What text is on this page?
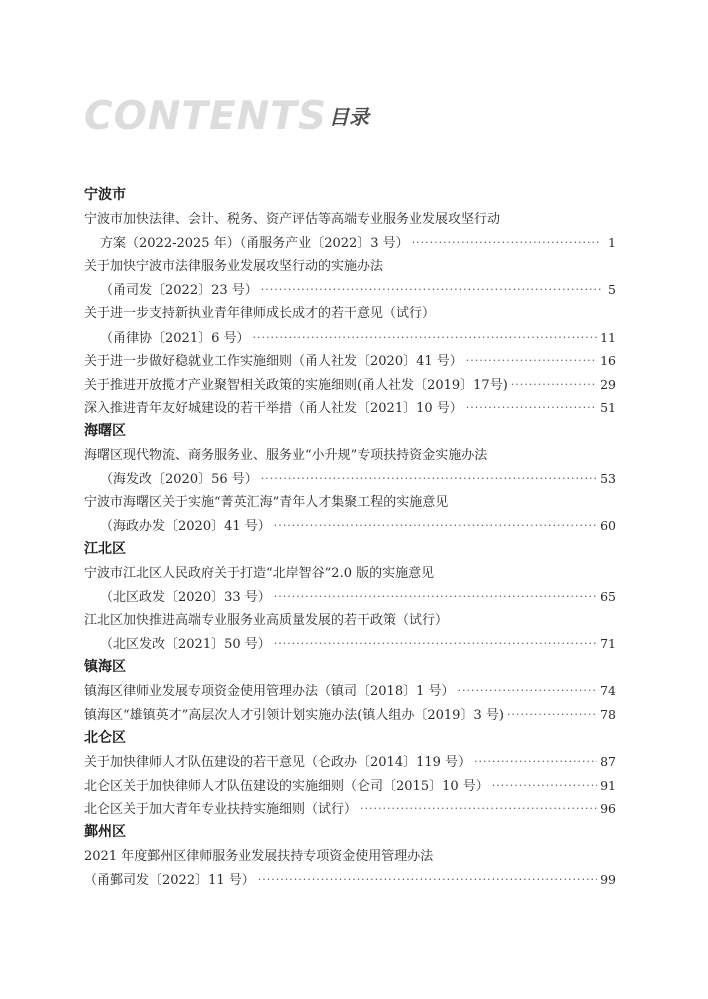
CONTENTS 目录
宁波市
宁波市加快法律、会计、税务、资产评估等高端专业服务业发展攻坚行动
方案（2022-2025 年）（甬服务产业〔2022〕3 号） ·····	1
关于加快宁波市法律服务业发展攻坚行动的实施办法
（甬司发〔2022〕23 号） ·····	5
关于进一步支持新执业青年律师成长成才的若干意见（试行）
（甬律协〔2021〕6 号） ·····	11
关于进一步做好稳就业工作实施细则（甬人社发〔2020〕41 号） ·····	16
关于推进开放揽才产业聚智相关政策的实施细则(甬人社发〔2019〕17号) ·····	29
深入推进青年友好城建设的若干举措（甬人社发〔2021〕10 号） ·····	51
海曙区
海曙区现代物流、商务服务业、服务业“小升规”专项扶持资金实施办法
（海发改〔2020〕56 号） ·····	53
宁波市海曙区关于实施“菁英汇海”青年人才集聚工程的实施意见
（海政办发〔2020〕41 号） ·····	60
江北区
宁波市江北区人民政府关于打造“北岸智谷”2.0 版的实施意见
（北区政发〔2020〕33 号） ·····	65
江北区加快推进高端专业服务业高质量发展的若干政策（试行）
（北区发改〔2021〕50 号） ·····	71
镇海区
镇海区律师业发展专项资金使用管理办法（镇司〔2018〕1 号） ·····	74
镇海区“雄镇英才”高层次人才引领计划实施办法(镇人组办〔2019〕3 号) ·····	78
北仑区
关于加快律师人才队伍建设的若干意见（仑政办〔2014〕119 号） ·····	87
北仑区关于加快律师人才队伍建设的实施细则（仑司〔2015〕10 号） ·····	91
北仑区关于加大青年专业扶持实施细则（试行） ·····	96
鄞州区
2021 年度鄞州区律师服务业发展扶持专项资金使用管理办法
（甬鄞司发〔2022〕11 号） ·····	99
